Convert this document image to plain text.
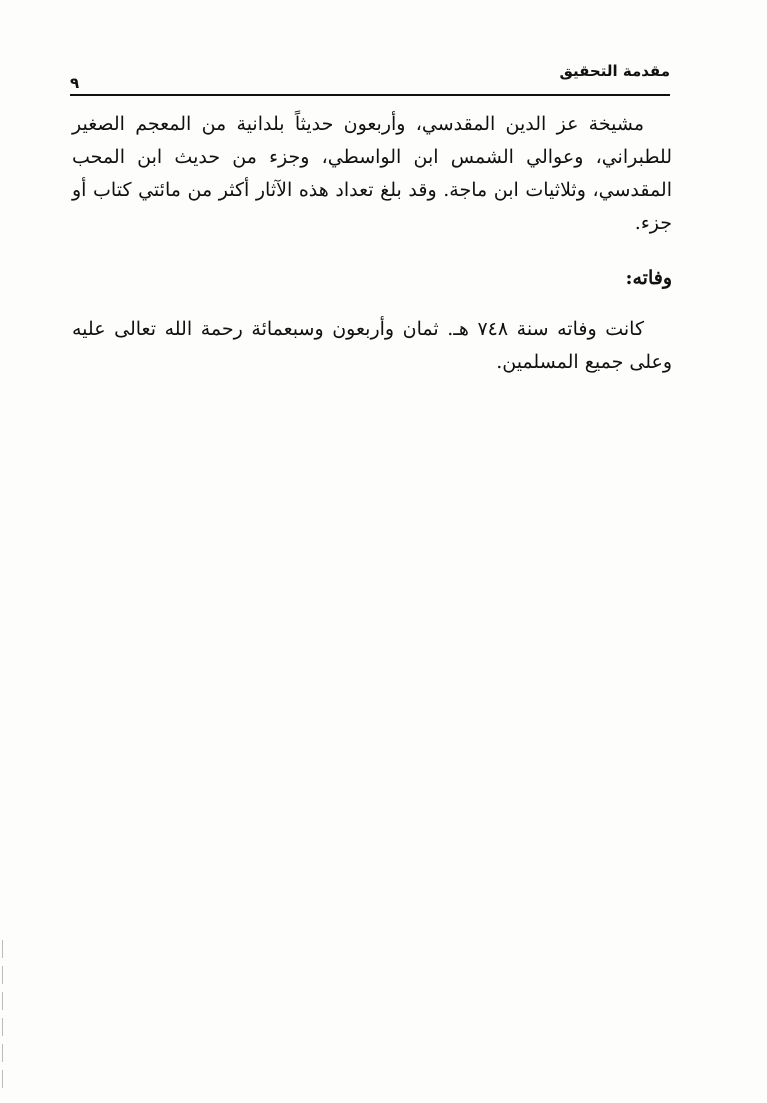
مقدمة التحقيق
٩

مشيخة عز الدين المقدسي، وأربعون حديثاً بلدانية من المعجم الصغير للطبراني، وعوالي الشمس ابن الواسطي، وجزء من حديث ابن المحب المقدسي، وثلاثيات ابن ماجة. وقد بلغ تعداد هذه الآثار أكثر من مائتي كتاب أو جزء.

وفاته:

كانت وفاته سنة ٧٤٨ هـ. ثمان وأربعون وسبعمائة رحمة الله تعالى عليه وعلى جميع المسلمين.
